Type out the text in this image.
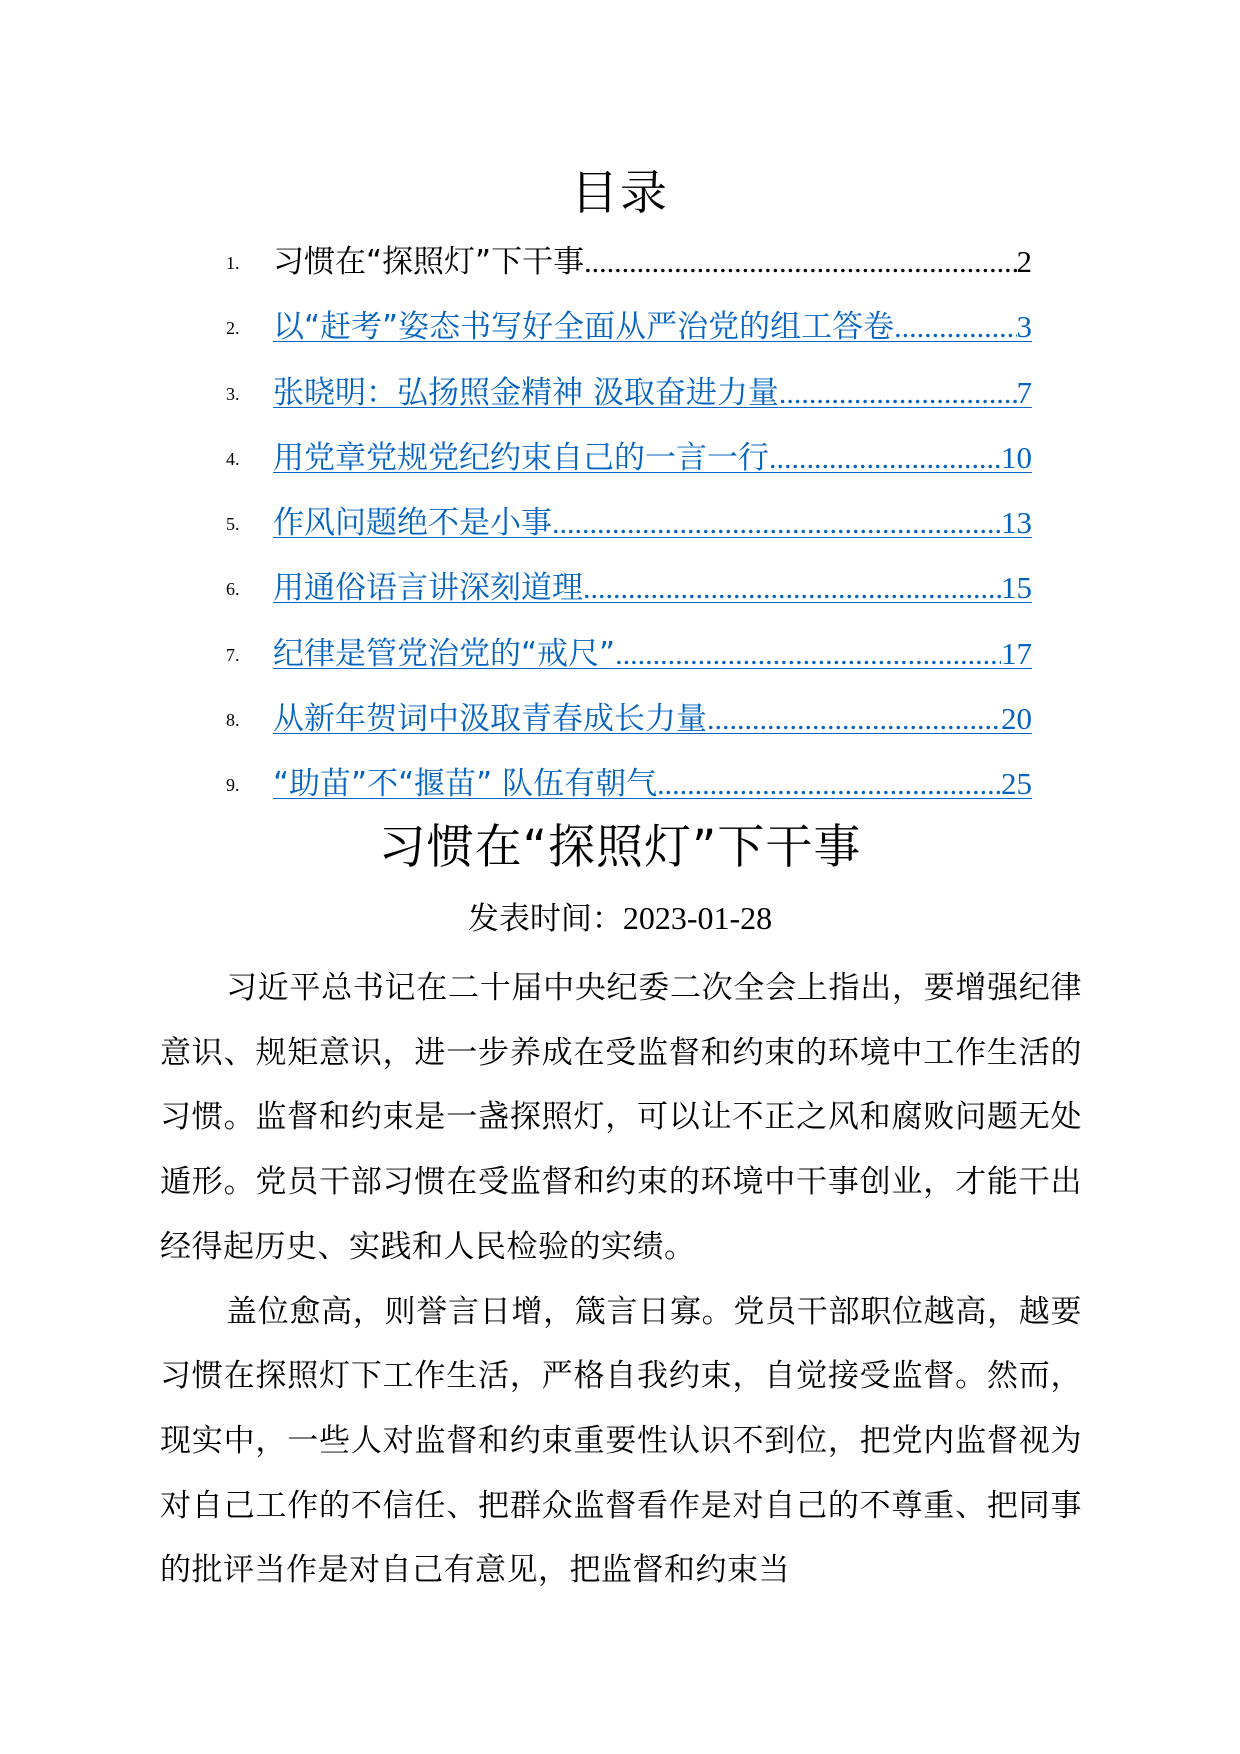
目录
1.	习惯在“探照灯”下干事 .....	2
2.	以“赶考”姿态书写好全面从严治党的组工答卷 .....	3
3.	张晓明：弘扬照金精神 汲取奋进力量 .....	7
4.	用党章党规党纪约束自己的一言一行 .....	10
5.	作风问题绝不是小事 .....	13
6.	用通俗语言讲深刻道理 .....	15
7.	纪律是管党治党的“戒尺” .....	17
8.	从新年贺词中汲取青春成长力量 .....	20
9.	“助苗”不“揠苗” 队伍有朝气 .....	25
习惯在“探照灯”下干事
发表时间：2023-01-28

习近平总书记在二十届中央纪委二次全会上指出，要增强纪律意识、规矩意识，进一步养成在受监督和约束的环境中工作生活的习惯。监督和约束是一盏探照灯，可以让不正之风和腐败问题无处遁形。党员干部习惯在受监督和约束的环境中干事创业，才能干出经得起历史、实践和人民检验的实绩。

盖位愈高，则誉言日增，箴言日寡。党员干部职位越高，越要习惯在探照灯下工作生活，严格自我约束，自觉接受监督。然而，现实中，一些人对监督和约束重要性认识不到位，把党内监督视为对自己工作的不信任、把群众监督看作是对自己的不尊重、把同事的批评当作是对自己有意见，把监督和约束当
